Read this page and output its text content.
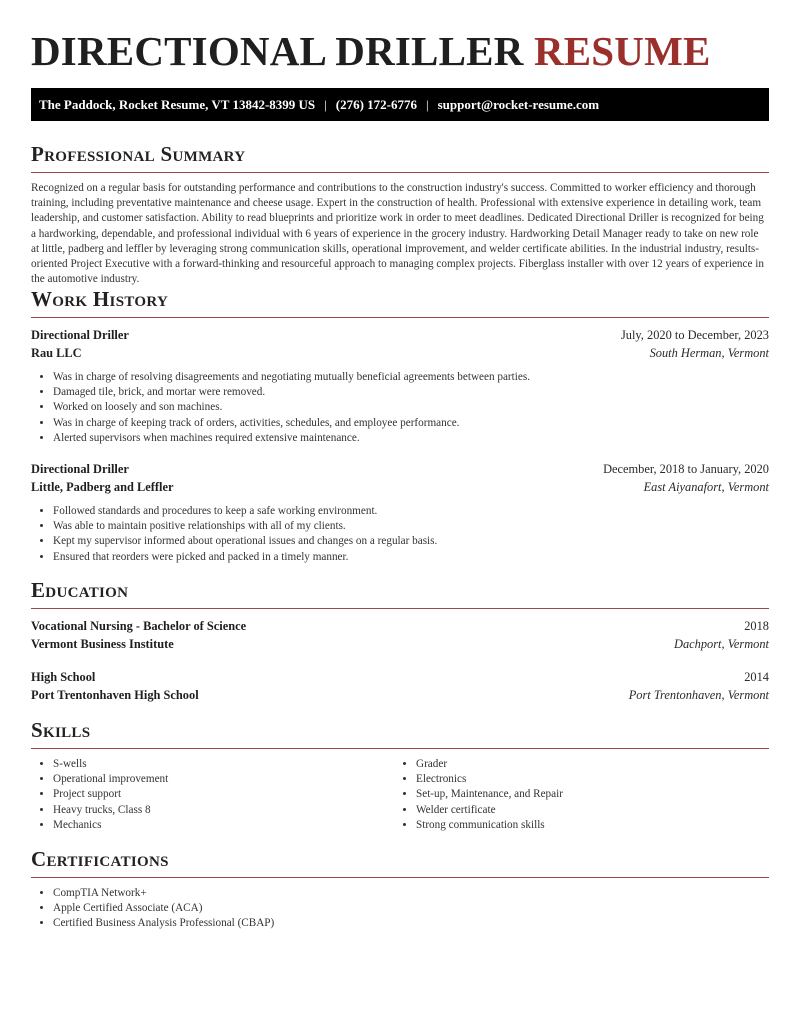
DIRECTIONAL DRILLER RESUME
The Paddock, Rocket Resume, VT 13842-8399 US | (276) 172-6776 | support@rocket-resume.com
Professional Summary

Recognized on a regular basis for outstanding performance and contributions to the construction industry's success. Committed to worker efficiency and thorough training, including preventative maintenance and cheese usage. Expert in the construction of health. Professional with extensive experience in detailing work, team leadership, and customer satisfaction. Ability to read blueprints and prioritize work in order to meet deadlines. Dedicated Directional Driller is recognized for being a hardworking, dependable, and professional individual with 6 years of experience in the grocery industry. Hardworking Detail Manager ready to take on new role at little, padberg and leffler by leveraging strong communication skills, operational improvement, and welder certificate abilities. In the industrial industry, results-oriented Project Executive with a forward-thinking and resourceful approach to managing complex projects. Fiberglass installer with over 12 years of experience in the automotive industry.

Work History
Directional Driller	July, 2020 to December, 2023
Rau LLC	South Herman, Vermont
• Was in charge of resolving disagreements and negotiating mutually beneficial agreements between parties.
• Damaged tile, brick, and mortar were removed.
• Worked on loosely and son machines.
• Was in charge of keeping track of orders, activities, schedules, and employee performance.
• Alerted supervisors when machines required extensive maintenance.
Directional Driller	December, 2018 to January, 2020
Little, Padberg and Leffler	East Aiyanafort, Vermont
• Followed standards and procedures to keep a safe working environment.
• Was able to maintain positive relationships with all of my clients.
• Kept my supervisor informed about operational issues and changes on a regular basis.
• Ensured that reorders were picked and packed in a timely manner.
Education
Vocational Nursing - Bachelor of Science	2018
Vermont Business Institute	Dachport, Vermont
High School	2014
Port Trentonhaven High School	Port Trentonhaven, Vermont
Skills
• S-wells
• Operational improvement
• Project support
• Heavy trucks, Class 8
• Mechanics
• Grader
• Electronics
• Set-up, Maintenance, and Repair
• Welder certificate
• Strong communication skills
Certifications
• CompTIA Network+
• Apple Certified Associate (ACA)
• Certified Business Analysis Professional (CBAP)
